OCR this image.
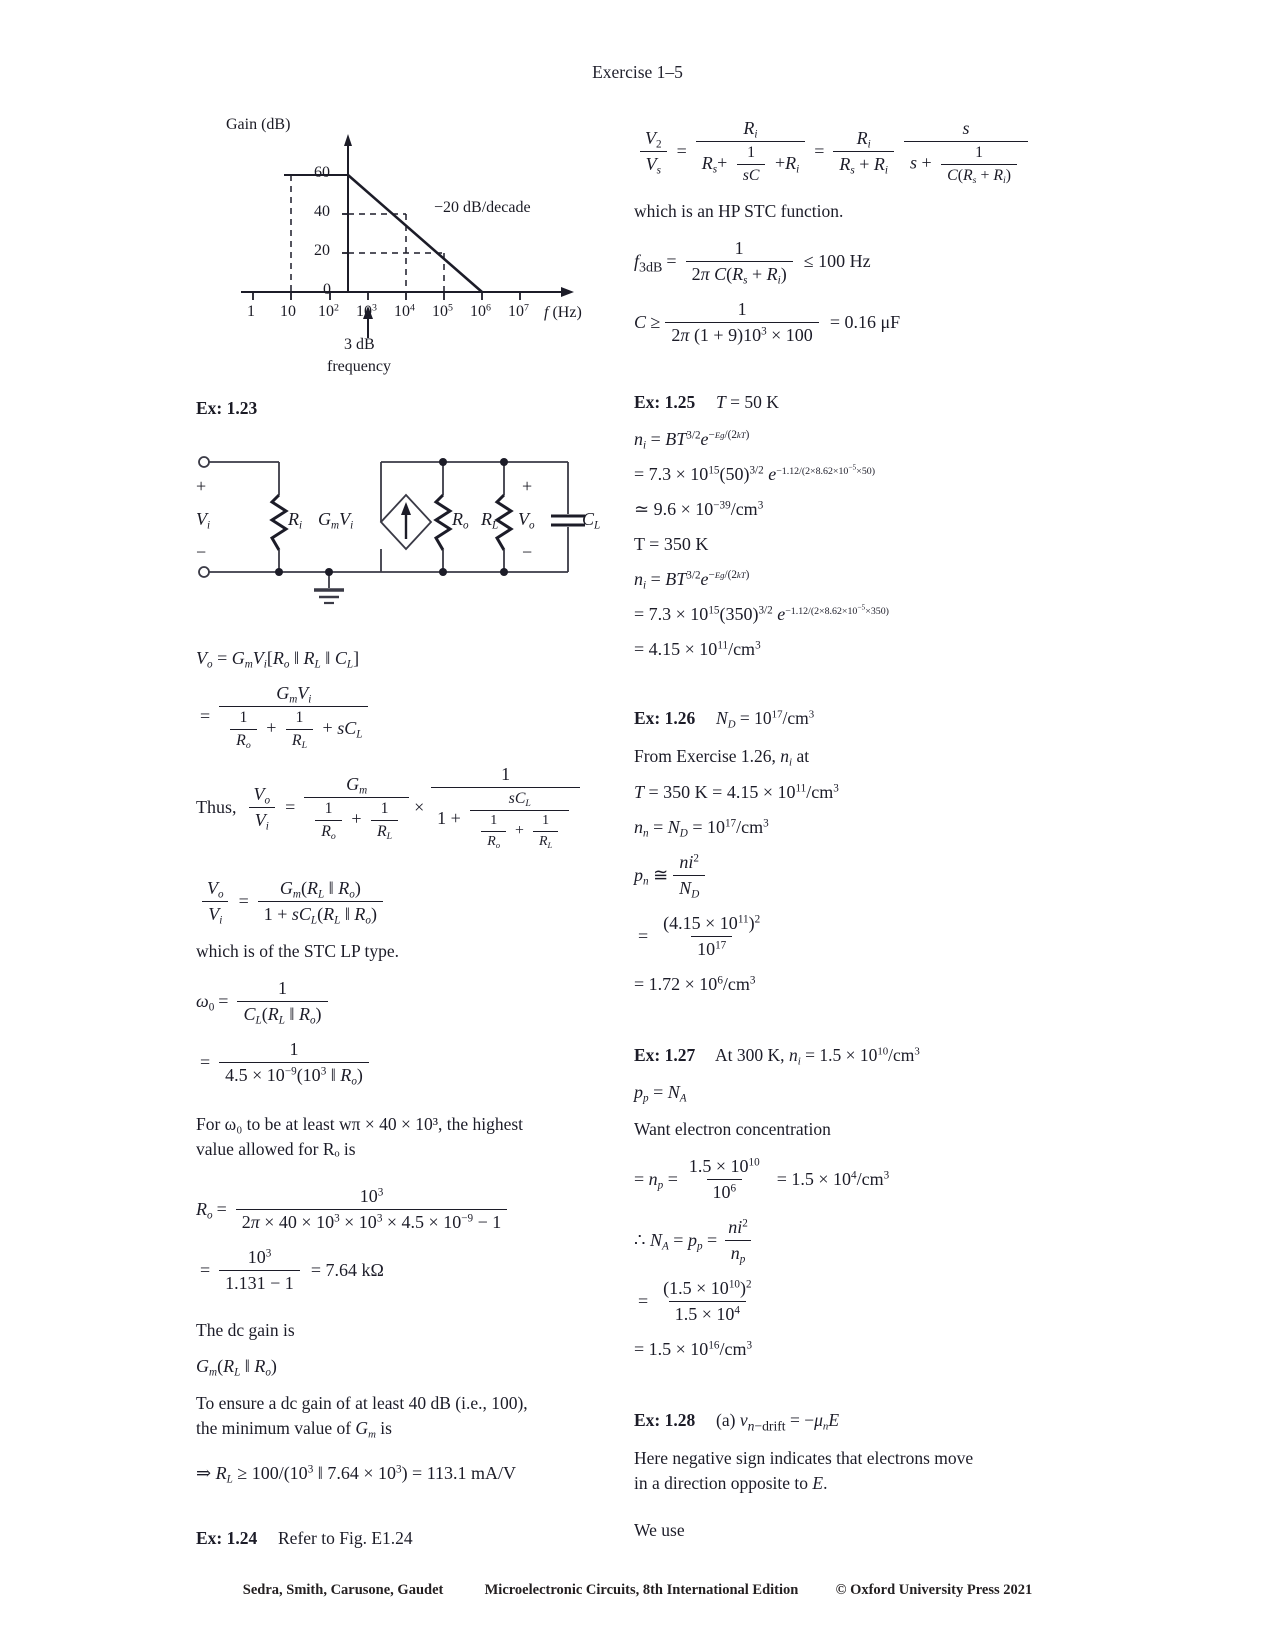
Exercise 1–5
Gain (dB)
60
40
20
0
1 10 $10^2$ $10^3$ $10^4$ $10^5$ $10^6$ $10^7$ f (Hz)
−20 dB/decade
3 dB
frequency
Ex: 1.23
$V_o = G_mV_i[R_o$ ‖ $R_L$ ‖ $C_L$]
= $\frac{G_mV_i}{\frac{1}{R_o} + \frac{1}{R_L} + sC_L}$
Thus, $\frac{V_o}{V_i} = \frac{G_m}{\frac{1}{R_o} + \frac{1}{R_L}}$ ×
1
$1 + \frac{sC_L}{\frac{1}{R_o} + \frac{1}{R_L}}$
$\frac{V_o}{V_i} = \frac{G_m(R_L ‖ R_o)}{1 + sC_L(R_L ‖ R_o)}$
which is of the STC LP type.
$\omega_0 = \frac{1}{C_L(R_L ‖ R_o)}$
= $\frac{1}{4.5 \times 10^{-9}(10^3 ‖ R_o)}$
For ω₀ to be at least wπ × 40 × 10³, the highest
value allowed for Rₒ is
$R_o = \frac{10^3}{2\pi \times 40 \times 10^3 \times 10^3 \times 4.5 \times 10^{-9} - 1}$
= $\frac{10^3}{1.131 - 1} = 7.64$ kΩ
The dc gain is
$G_m(R_L$ ‖ $R_o$)
To ensure a dc gain of at least 40 dB (i.e., 100),
the minimum value of $G_m$ is
⇒ $R_L \ge 100/(10^3$ ‖ $7.64 \times 10^3) = 113.1$ mA/V
Ex: 1.24 Refer to Fig. E1.24
+
−
$V_i$	$R_i$ $G_mV_i$	$R_o$ $R_L$
+
−
$V_o$	$C_L$
$\frac{V_2}{V_s} = \frac{R_i}{R_s+ \frac{1}{sC} +R_i} = \frac{R_i}{R_s + R_i} \frac{s}{s + \frac{1}{C(R_s + R_i)}}$
which is an HP STC function.
$f_{3dB} = \frac{1}{2\pi C(R_s + R_i)} \le 100$ Hz
$C \ge \frac{1}{2\pi (1 + 9)10^3 \times 100} = 0.16$ μF
Ex: 1.25 T = 50 K
$n_i = BT^{3/2}e^{-Eg/(2kT)}$
= $7.3 \times 10^{15}(50)^{3/2}$ $e^{-1.12/(2\times 8.62\times 10^{-5}\times 50)}$
≃ $9.6 \times 10^{-39}/cm^3$
T = 350 K
$n_i = BT^{3/2}e^{-Eg/(2kT)}$
= $7.3 \times 10^{15}(350)^{3/2}$ $e^{-1.12/(2\times 8.62\times 10^{-5}\times 350)}$
= $4.15 \times 10^{11}/cm^3$
Ex: 1.26 $N_D = 10^{17}/cm^3$
From Exercise 1.26, $n_i$ at
T = 350 $K = 4.15 \times 10^{11}/cm^3$
$n_n = N_D = 10^{17}/cm^3$
$p_n$ ≅ $\frac{ni^2}{N_D}$
= $\frac{(4.15 \times 10^{11})^2}{10^{17}}$
= $1.72 \times 10^6/cm^3$
Ex: 1.27 At 300 K, $n_i = 1.5 \times 10^{10}/cm^3$
$p_p = N_A$
Want electron concentration
= $n_p = \frac{1.5 \times 10^{10}}{10^6} = 1.5 \times 10^4/cm^3$
∴ $N_A = p_p = \frac{ni^2}{n_p}$
= $\frac{(1.5 \times 10^{10})^2}{1.5 \times 10^4}$
= $1.5 \times 10^{16}/cm^3$
Ex: 1.28 (a) $v_{n-drift} = -\mu_nE$
Here negative sign indicates that electrons move
in a direction opposite to E.
We use
Sedra, Smith, Carusone, Gaudet	Microelectronic Circuits, 8th International Edition	© Oxford University Press 2021
